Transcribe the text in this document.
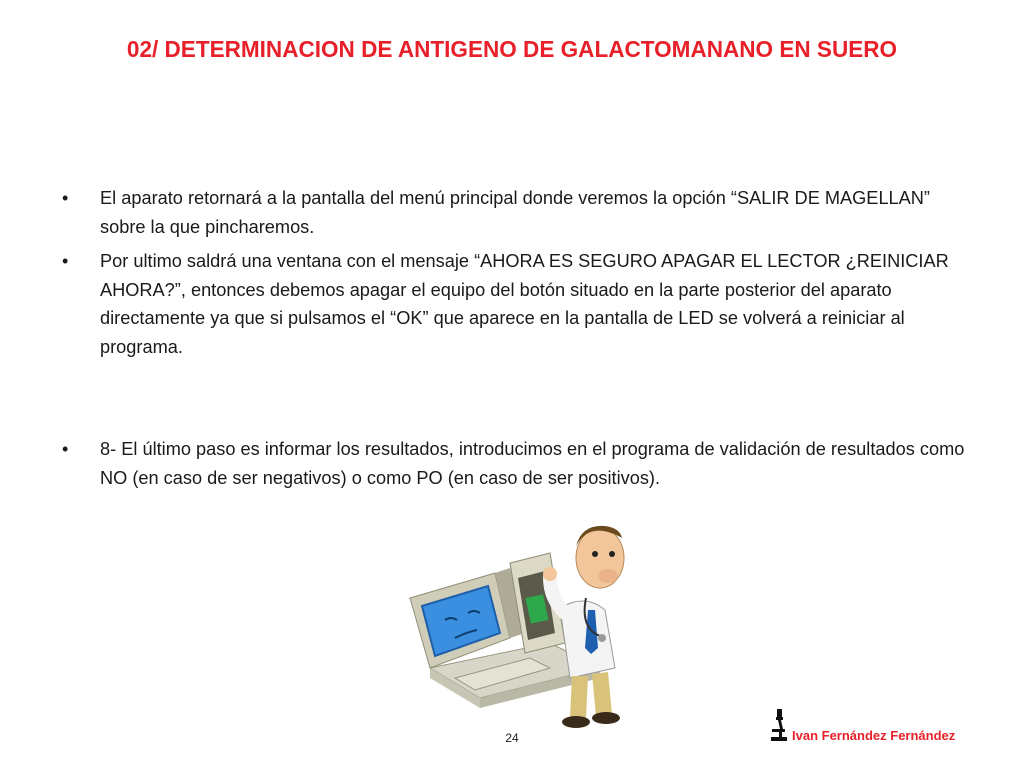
02/ DETERMINACION DE ANTIGENO DE GALACTOMANANO EN SUERO
• El aparato retornará a la pantalla del menú principal donde veremos la opción “SALIR DE MAGELLAN” sobre la que pincharemos.
• Por ultimo saldrá una ventana con el mensaje “AHORA ES SEGURO APAGAR EL LECTOR ¿REINICIAR AHORA?”, entonces debemos apagar el equipo del botón situado en la parte posterior del aparato directamente ya que si pulsamos el “OK” que aparece en la pantalla de LED se volverá a reiniciar al programa.
• 8- El último paso es informar los resultados, introducimos en el programa de validación de resultados como NO (en caso de ser negativos) o como PO (en caso de ser positivos).
24	Ivan Fernández Fernández
